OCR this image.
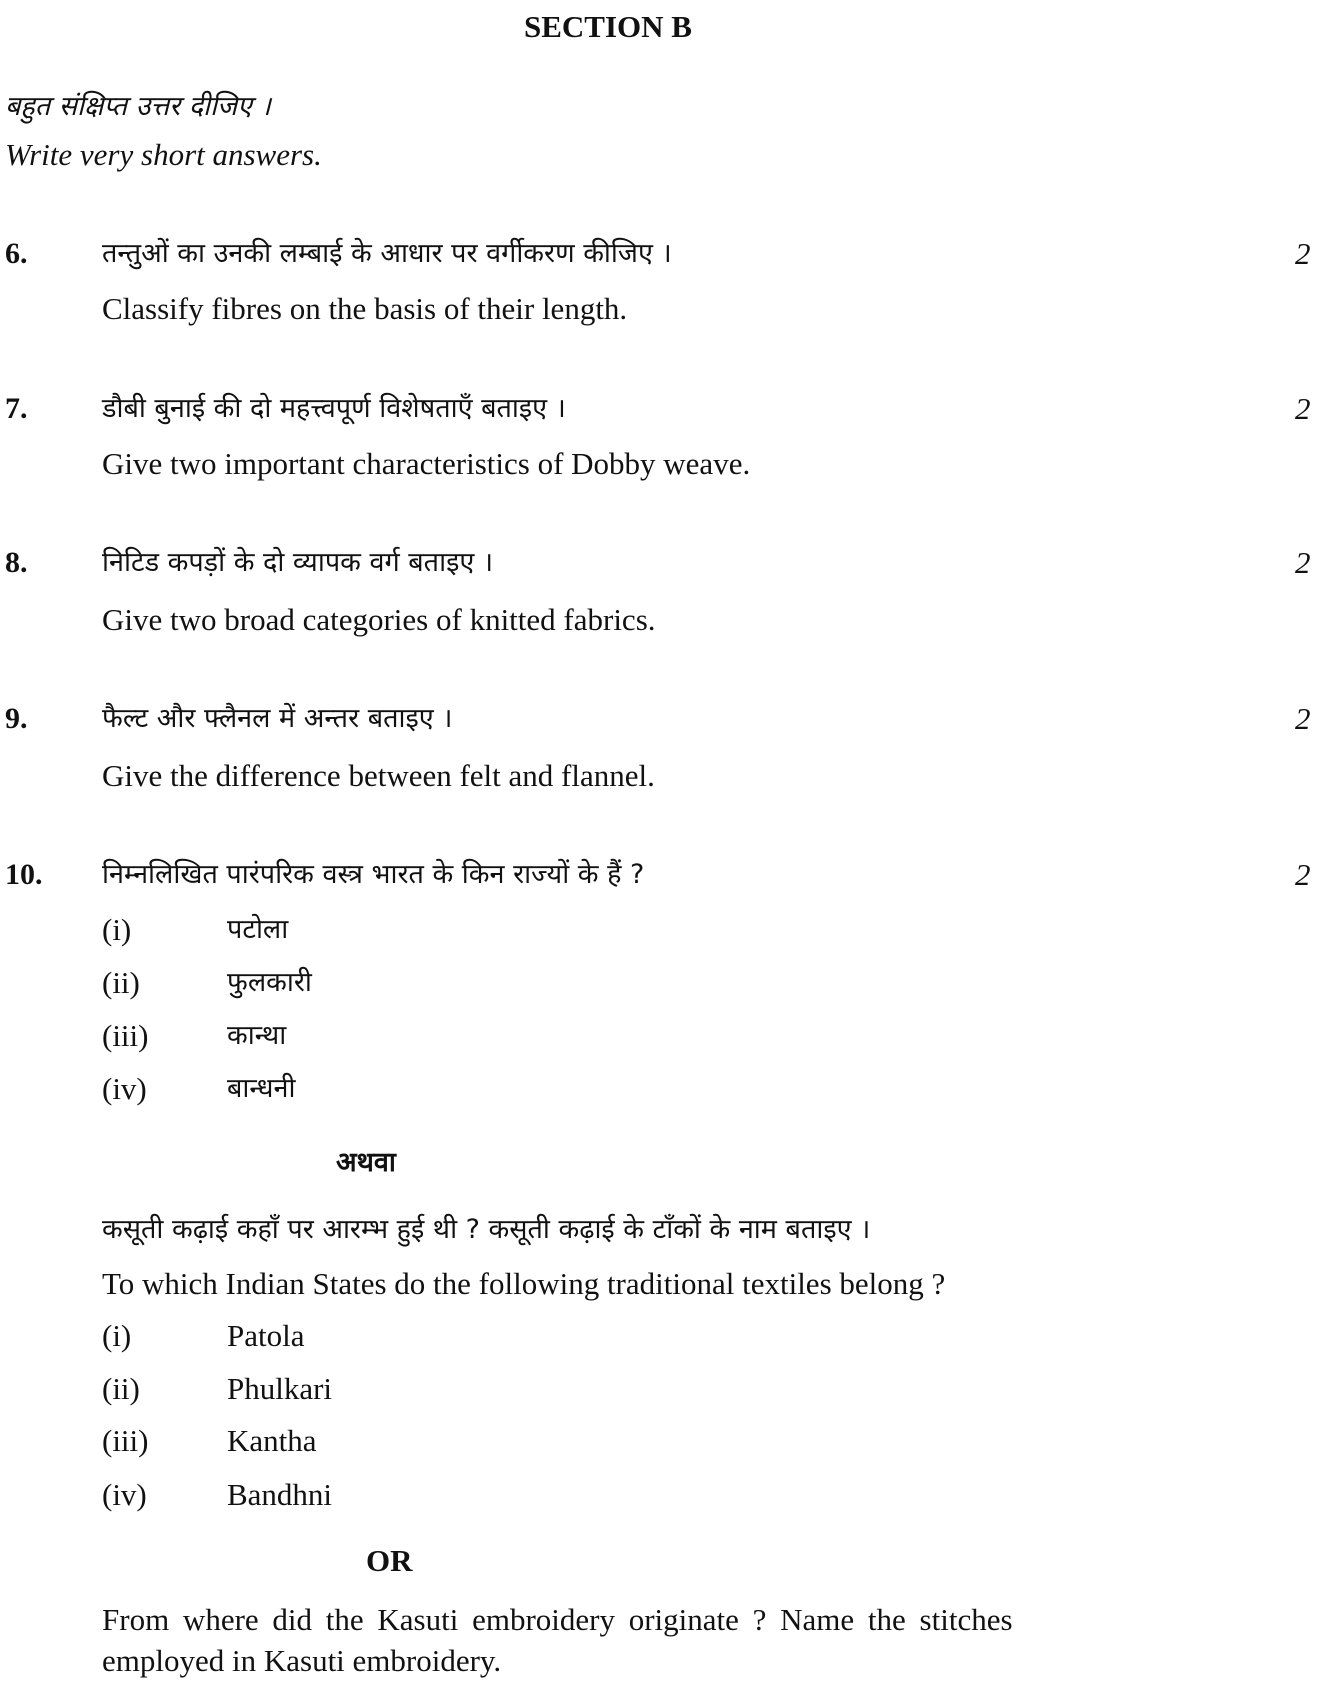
SECTION B
बहुत संक्षिप्त उत्तर दीजिए ।
Write very short answers.
6.	तन्तुओं का उनकी लम्बाई के आधार पर वर्गीकरण कीजिए ।	2
Classify fibres on the basis of their length.
7.	डौबी बुनाई की दो महत्त्वपूर्ण विशेषताएँ बताइए ।	2
Give two important characteristics of Dobby weave.
8.	निटिड कपड़ों के दो व्यापक वर्ग बताइए ।	2
Give two broad categories of knitted fabrics.
9.	फैल्ट और फ्लैनल में अन्तर बताइए ।	2
Give the difference between felt and flannel.
10. निम्नलिखित पारंपरिक वस्त्र भारत के किन राज्यों के हैं ?	2
(i)	पटोला
(ii)	फुलकारी
(iii)	कान्था
(iv)	बान्धनी
अथवा
कसूती कढ़ाई कहाँ पर आरम्भ हुई थी ? कसूती कढ़ाई के टाँकों के नाम बताइए ।
To which Indian States do the following traditional textiles belong ?
(i)	Patola
(ii)	Phulkari
(iii)	Kantha
(iv)	Bandhni
OR
From where did the Kasuti embroidery originate ? Name the stitches
employed in Kasuti embroidery.
